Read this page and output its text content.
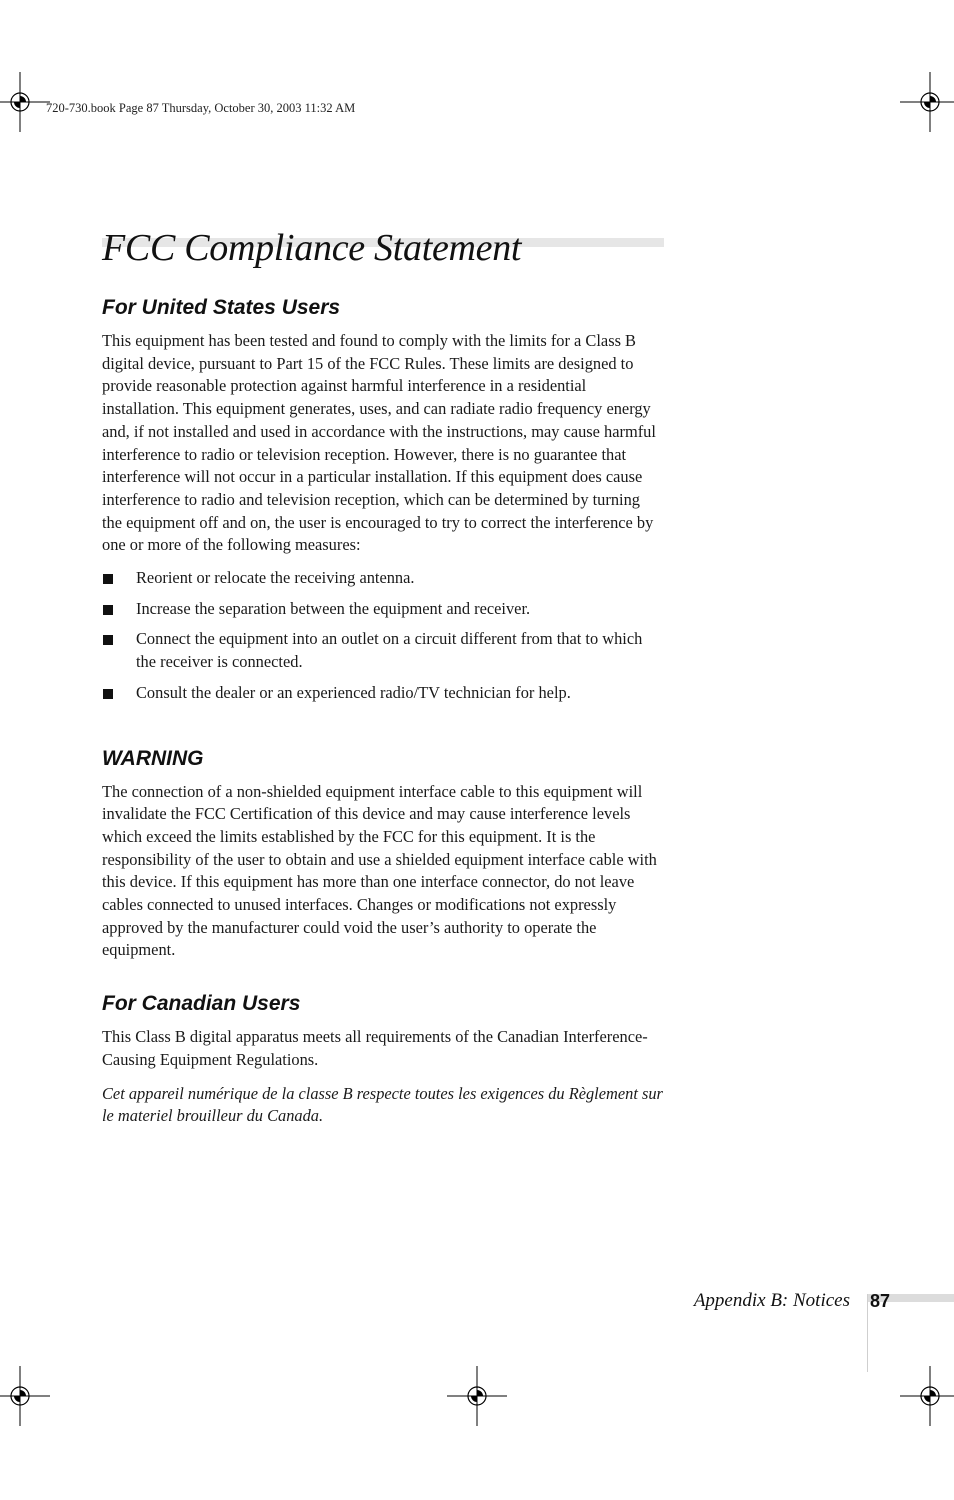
720-730.book Page 87 Thursday, October 30, 2003 11:32 AM
FCC Compliance Statement
For United States Users

This equipment has been tested and found to comply with the limits for a Class B digital device, pursuant to Part 15 of the FCC Rules. These limits are designed to provide reasonable protection against harmful interference in a residential installation. This equipment generates, uses, and can radiate radio frequency energy and, if not installed and used in accordance with the instructions, may cause harmful interference to radio or television reception. However, there is no guarantee that interference will not occur in a particular installation. If this equipment does cause interference to radio and television reception, which can be determined by turning the equipment off and on, the user is encouraged to try to correct the interference by one or more of the following measures:

Reorient or relocate the receiving antenna.
Increase the separation between the equipment and receiver.
Connect the equipment into an outlet on a circuit different from that to which the receiver is connected.
Consult the dealer or an experienced radio/TV technician for help.
WARNING

The connection of a non-shielded equipment interface cable to this equipment will invalidate the FCC Certification of this device and may cause interference levels which exceed the limits established by the FCC for this equipment. It is the responsibility of the user to obtain and use a shielded equipment interface cable with this device. If this equipment has more than one interface connector, do not leave cables connected to unused interfaces. Changes or modifications not expressly approved by the manufacturer could void the user’s authority to operate the equipment.

For Canadian Users

This Class B digital apparatus meets all requirements of the Canadian Interference-Causing Equipment Regulations.

Cet appareil numérique de la classe B respecte toutes les exigences du Règlement sur le materiel brouilleur du Canada.

Appendix B: Notices 87
